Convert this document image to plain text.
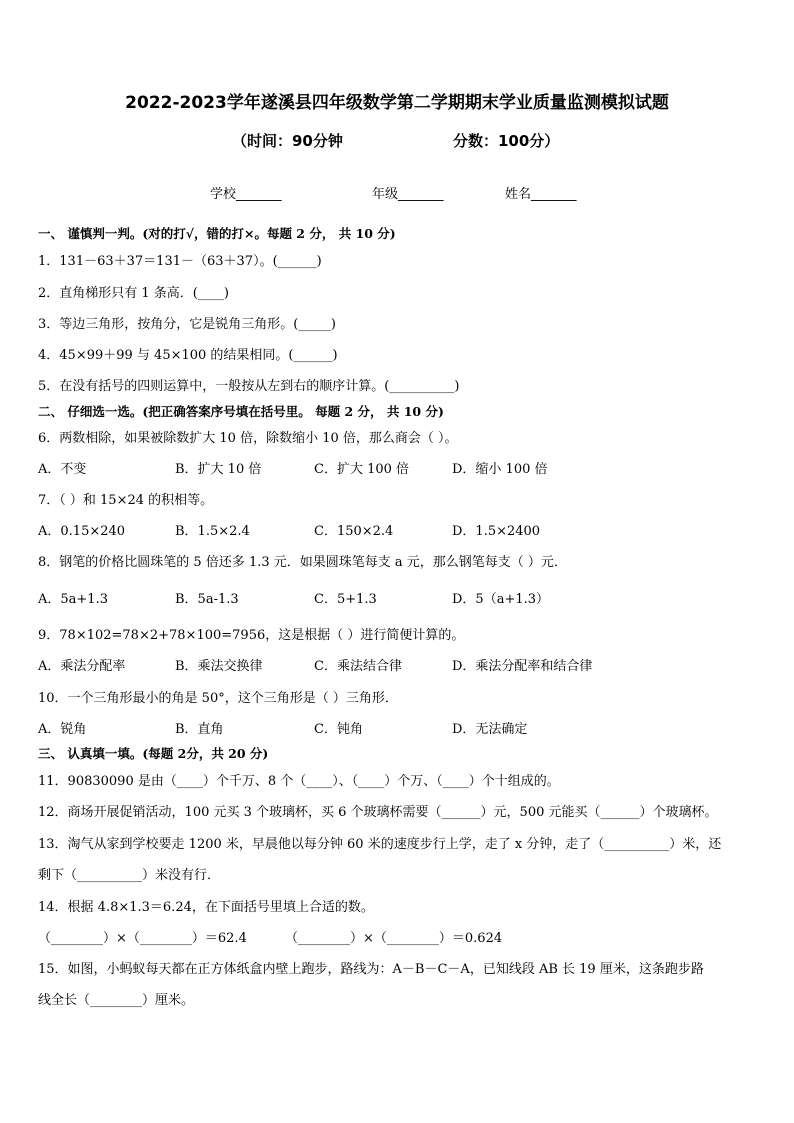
2022-2023学年遂溪县四年级数学第二学期期末学业质量监测模拟试题
（时间：90分钟	分数：100分）
学校_______	年级_______	姓名_______
一、 谨慎判一判。(对的打√，错的打×。每题 2 分， 共 10 分)
1．131－63＋37＝131－（63＋37）。(______)
2．直角梯形只有 1 条高．(____)
3．等边三角形，按角分，它是锐角三角形。(_____)
4．45×99＋99 与 45×100 的结果相同。(______)
5．在没有括号的四则运算中，一般按从左到右的顺序计算。(__________)
二、 仔细选一选。(把正确答案序号填在括号里。 每题 2 分， 共 10 分)
6．两数相除，如果被除数扩大 10 倍，除数缩小 10 倍，那么商会（ ）。
A．不变	B．扩大 10 倍	C．扩大 100 倍	D．缩小 100 倍
7．（ ）和 15×24 的积相等。
A．0.15×240	B．1.5×2.4	C．150×2.4	D．1.5×2400
8．钢笔的价格比圆珠笔的 5 倍还多 1.3 元．如果圆珠笔每支 a 元，那么钢笔每支（ ）元．
A．5a+1.3	B．5a-1.3	C．5+1.3	D．5（a+1.3）
9．78×102=78×2+78×100=7956，这是根据（ ）进行简便计算的。
A．乘法分配率	B．乘法交换律	C．乘法结合律	D．乘法分配率和结合律
10．一个三角形最小的角是 50°，这个三角形是（ ）三角形．
A．锐角	B．直角	C．钝角	D．无法确定
三、 认真填一填。(每题 2分，共 20 分)
11．90830090 是由（____）个千万、8 个（____）、（____）个万、（____）个十组成的。
12．商场开展促销活动，100 元买 3 个玻璃杯，买 6 个玻璃杯需要（______）元，500 元能买（______）个玻璃杯。
13．淘气从家到学校要走 1200 米，早晨他以每分钟 60 米的速度步行上学，走了 x 分钟，走了（__________）米，还
剩下（__________）米没有行．
14．根据 4.8×1.3＝6.24，在下面括号里填上合适的数。
（________）×（________）＝62.4	（________）×（________）＝0.624
15．如图，小蚂蚁每天都在正方体纸盒内壁上跑步，路线为：A－B－C－A，已知线段 AB 长 19 厘米，这条跑步路
线全长（________）厘米。
